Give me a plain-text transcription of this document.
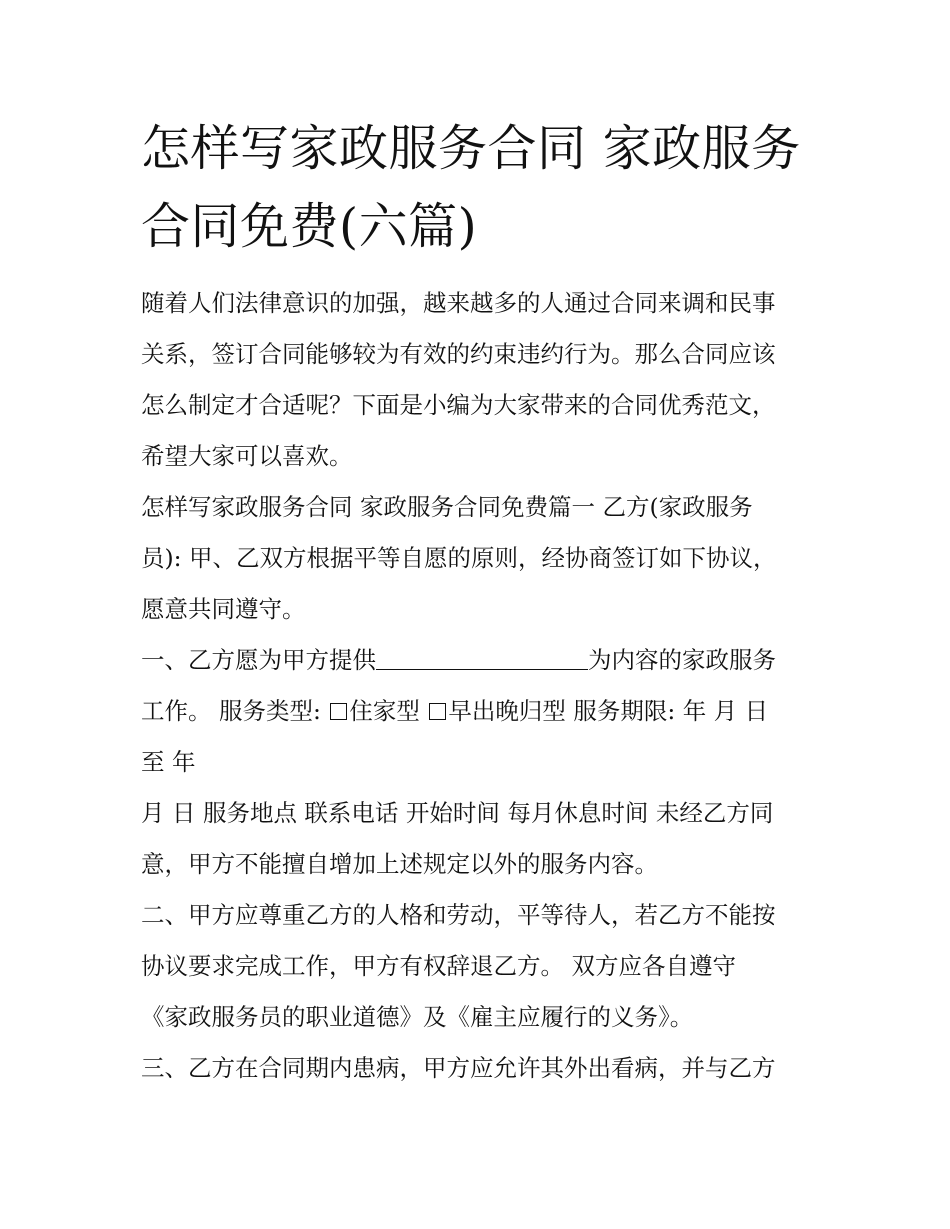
怎样写家政服务合同 家政服务
合同免费(六篇)

随着人们法律意识的加强，越来越多的人通过合同来调和民事
关系，签订合同能够较为有效的约束违约行为。那么合同应该
怎么制定才合适呢？下面是小编为大家带来的合同优秀范文，
希望大家可以喜欢。

怎样写家政服务合同 家政服务合同免费篇一 乙方(家政服务
员): 甲、乙双方根据平等自愿的原则，经协商签订如下协议，
愿意共同遵守。

一、乙方愿为甲方提供	为内容的家政服务
工作。 服务类型: 住家型 早出晚归型 服务期限: 年 月 日
至 年

月 日 服务地点 联系电话 开始时间 每月休息时间 未经乙方同
意，甲方不能擅自增加上述规定以外的服务内容。

二、甲方应尊重乙方的人格和劳动，平等待人，若乙方不能按
协议要求完成工作，甲方有权辞退乙方。 双方应各自遵守
《家政服务员的职业道德》及《雇主应履行的义务》。

三、乙方在合同期内患病，甲方应允许其外出看病，并与乙方
